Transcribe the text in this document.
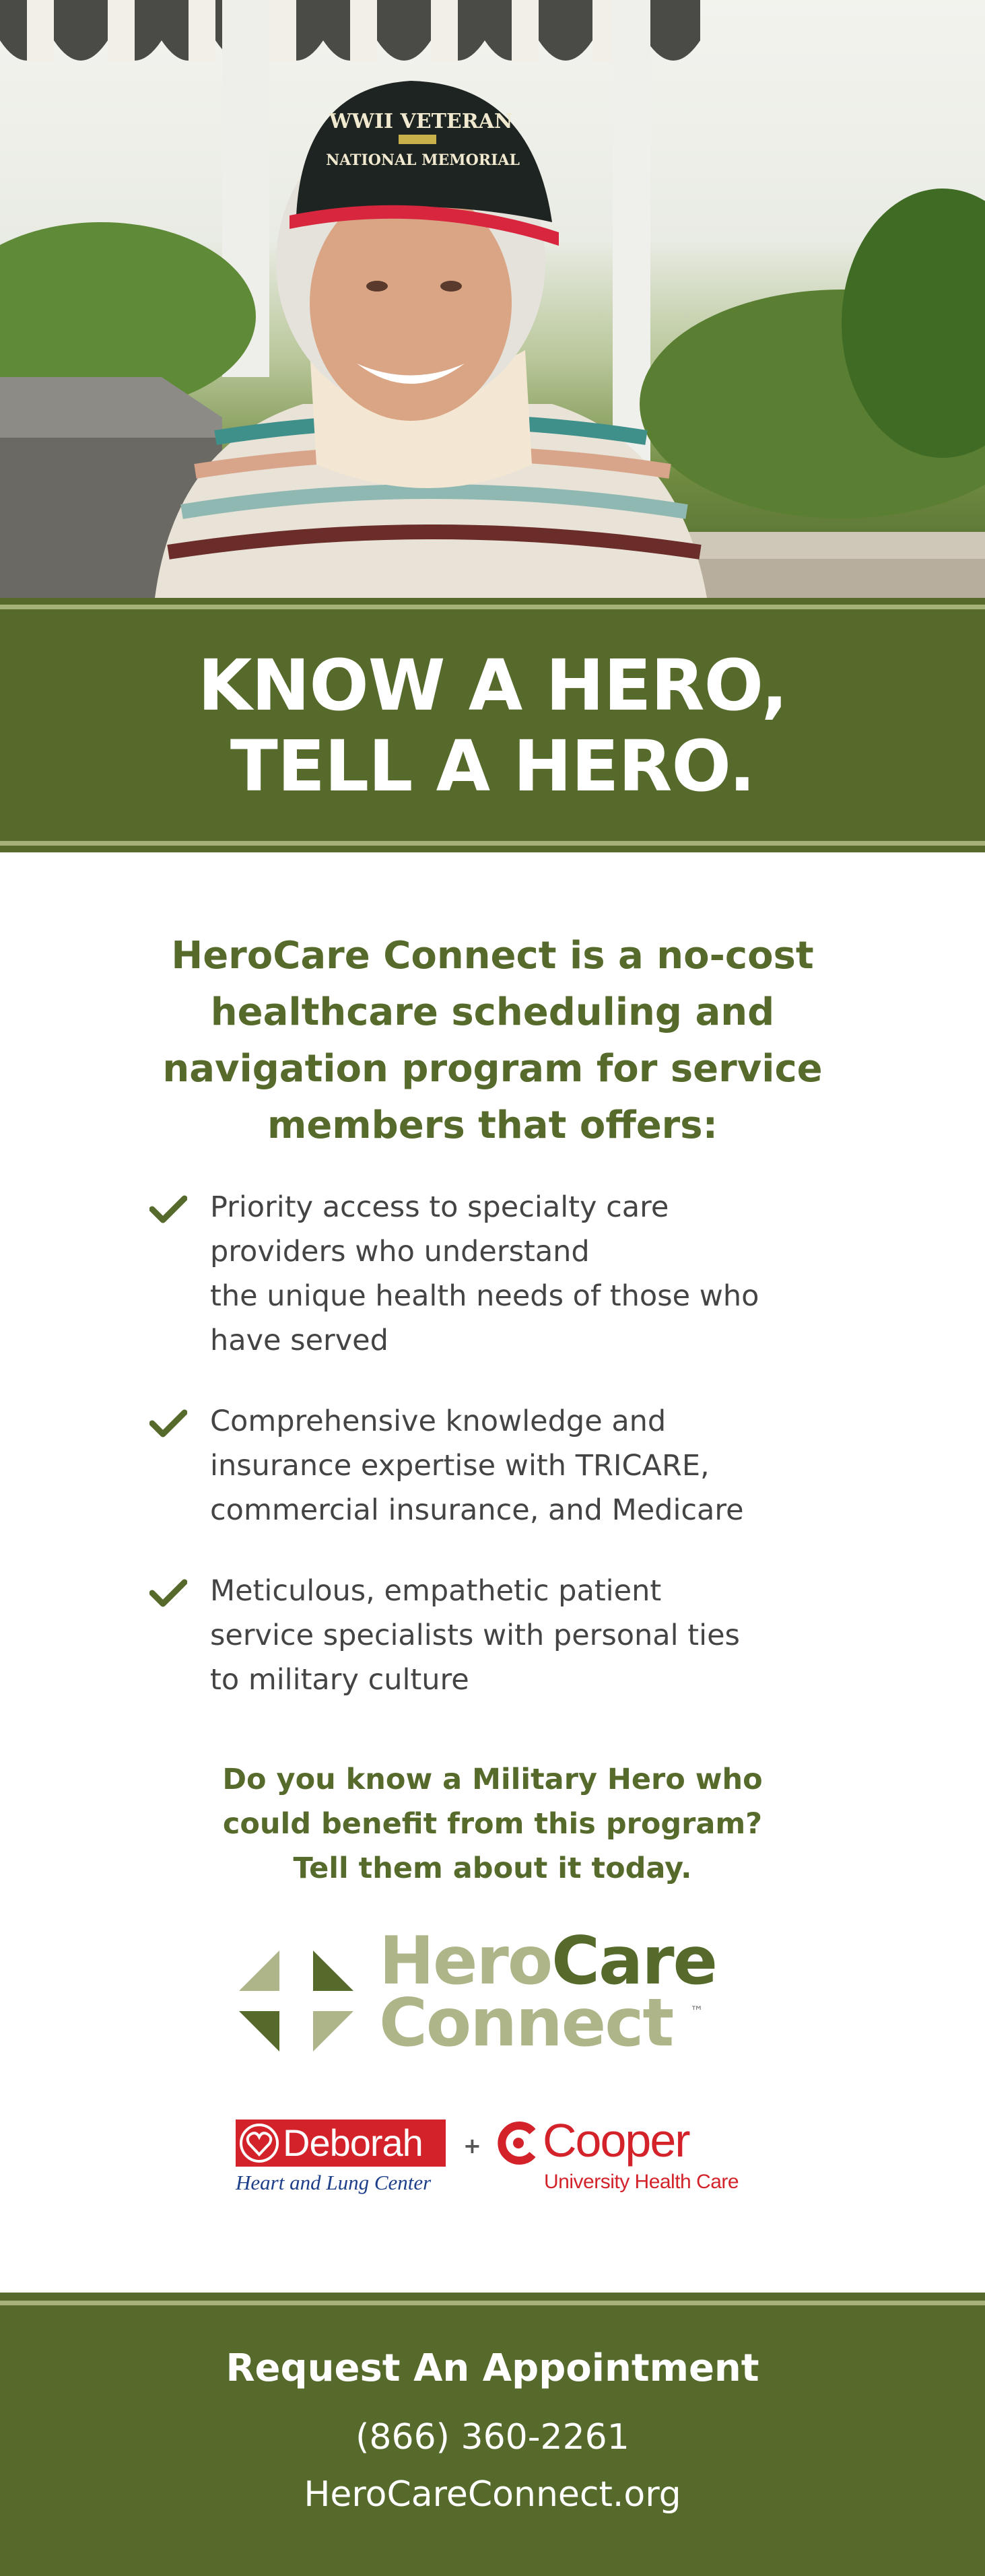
WWII VETERAN
NATIONAL MEMORIAL
KNOW A HERO,
TELL A HERO.
HeroCare Connect is a no-cost healthcare scheduling and navigation program for service members that offers:
Priority access to specialty care
providers who understand
the unique health needs of those who
have served
Comprehensive knowledge and
insurance expertise with TRICARE,
commercial insurance, and Medicare
Meticulous, empathetic patient
service specialists with personal ties
to military culture
Do you know a Military Hero who
could benefit from this program?
Tell them about it today.
HeroCare
Connect	™
Deborah
Heart and Lung Center
+ Cooper
University Health Care
Request An Appointment
(866) 360-2261
HeroCareConnect.org
